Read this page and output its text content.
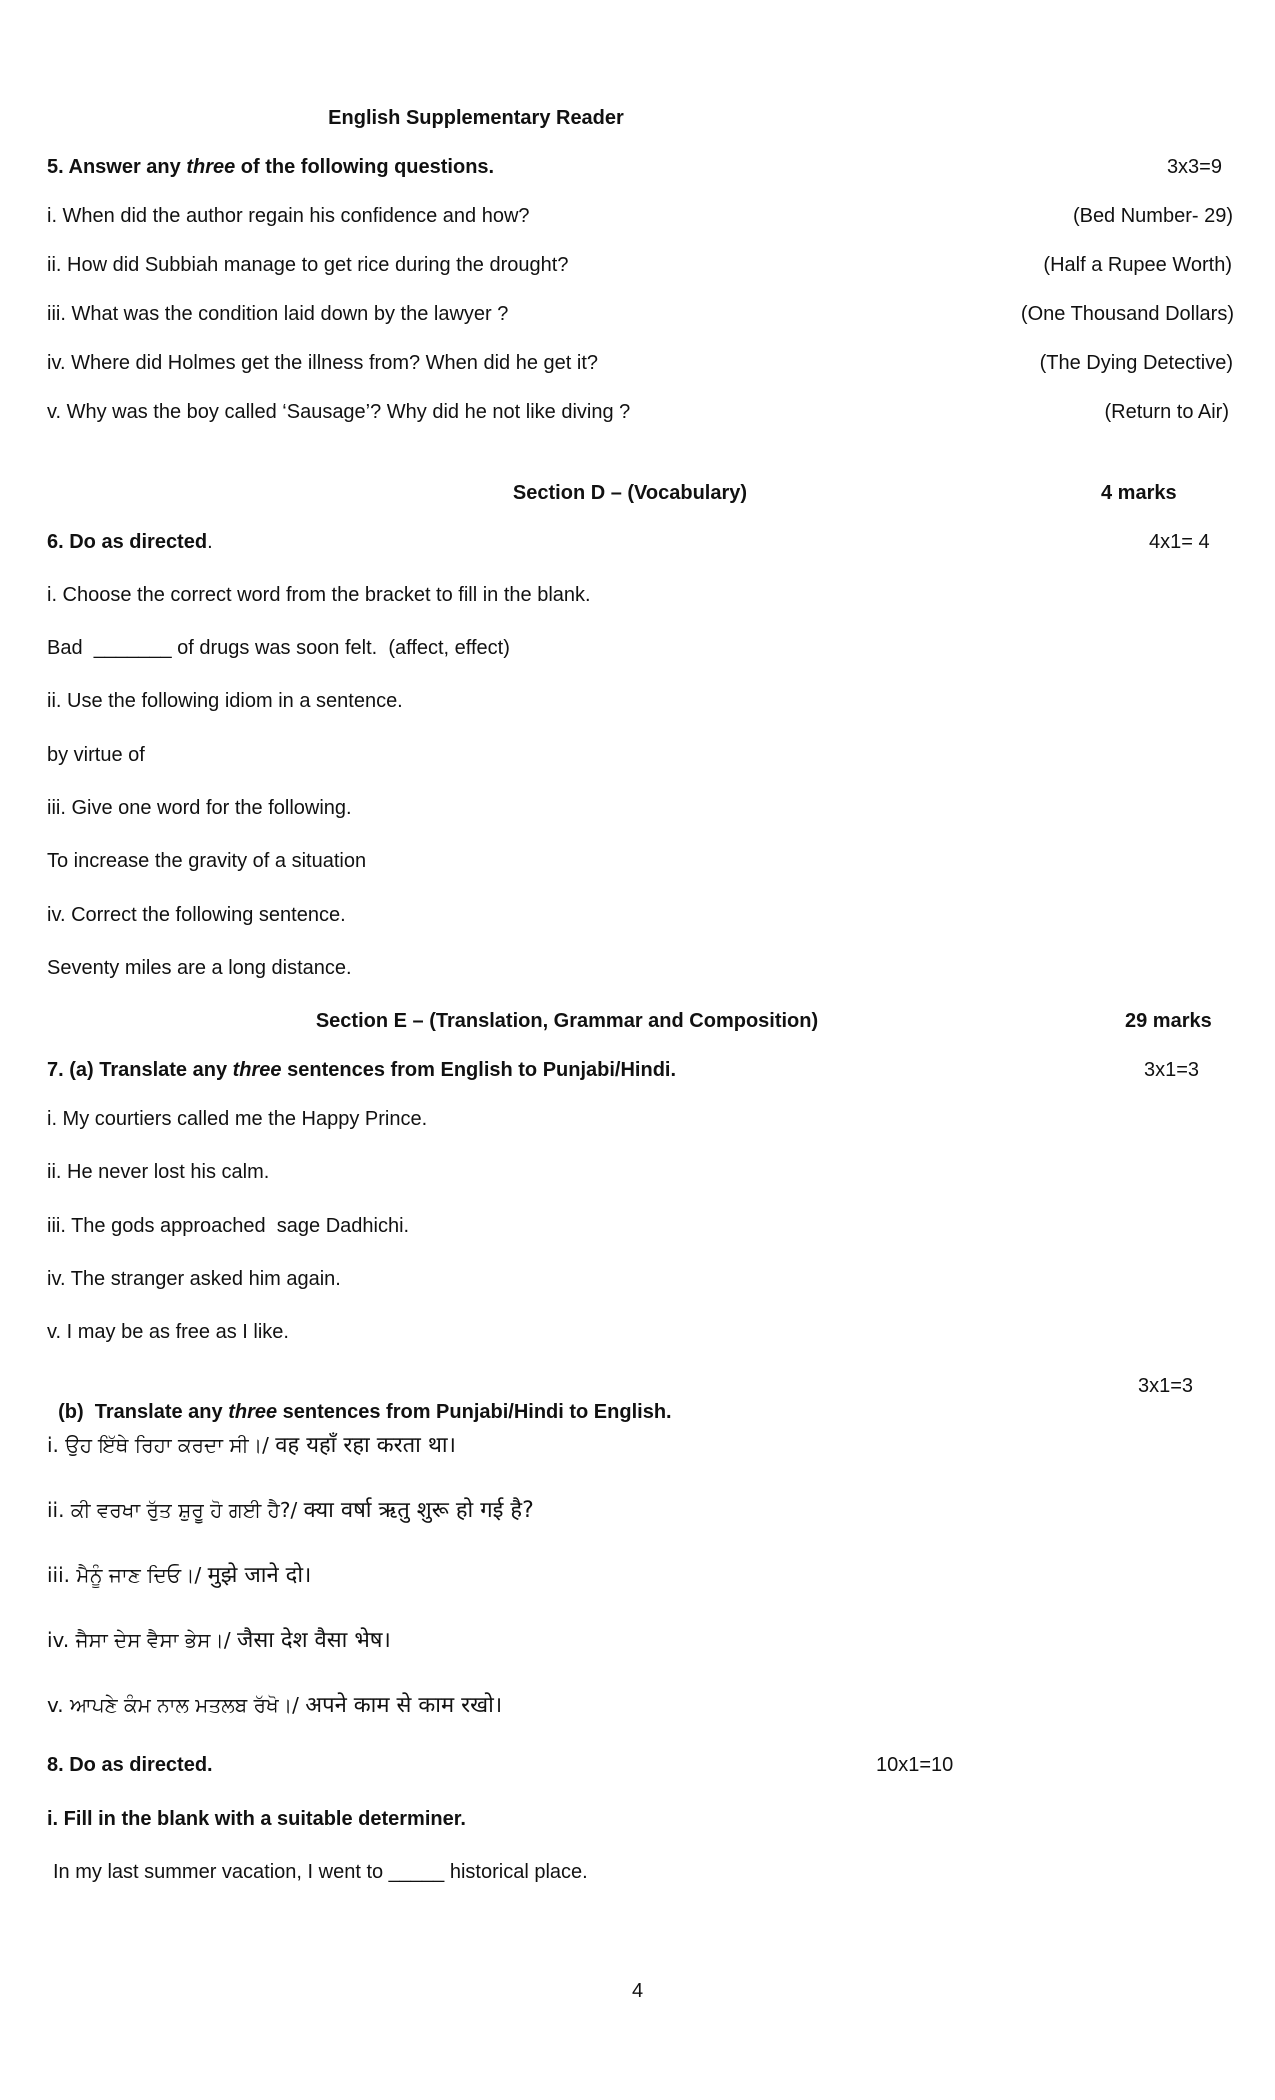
English Supplementary Reader
5. Answer any three of the following questions.	3x3=9
i. When did the author regain his confidence and how?	(Bed Number- 29)
ii. How did Subbiah manage to get rice during the drought?	(Half a Rupee Worth)
iii. What was the condition laid down by the lawyer ?	(One Thousand Dollars)
iv. Where did Holmes get the illness from? When did he get it?	(The Dying Detective)
v. Why was the boy called ‘Sausage’? Why did he not like diving ?	(Return to Air)
Section D – (Vocabulary)	4 marks
6. Do as directed.	4x1= 4
i. Choose the correct word from the bracket to fill in the blank.
Bad  _______ of drugs was soon felt.  (affect, effect)
ii. Use the following idiom in a sentence.
by virtue of
iii. Give one word for the following.
To increase the gravity of a situation
iv. Correct the following sentence.
Seventy miles are a long distance.
Section E – (Translation, Grammar and Composition)	29 marks
7. (a) Translate any three sentences from English to Punjabi/Hindi.	3x1=3
i. My courtiers called me the Happy Prince.
ii. He never lost his calm.
iii. The gods approached  sage Dadhichi.
iv. The stranger asked him again.
v. I may be as free as I like.

(b)  Translate any three sentences from Punjabi/Hindi to English.

3x1=3
i. ਉਹ ਇੱਥੇ ਰਿਹਾ ਕਰਦਾ ਸੀ।/ वह यहाँ रहा करता था।
ii. ਕੀ ਵਰਖਾ ਰੁੱਤ ਸ਼ੁਰੂ ਹੋ ਗਈ ਹੈ?/ क्या वर्षा ऋतु शुरू हो गई है?
iii. ਮੈਨੂੰ ਜਾਣ ਦਿਓ।/ मुझे जाने दो।
iv. ਜੈਸਾ ਦੇਸ ਵੈਸਾ ਭੇਸ।/ जैसा देश वैसा भेष।
v. ਆਪਣੇ ਕੰਮ ਨਾਲ ਮਤਲਬ ਰੱਖੋ।/ अपने काम से काम रखो।
8. Do as directed.	10x1=10
i. Fill in the blank with a suitable determiner.
In my last summer vacation, I went to _____ historical place.
4
